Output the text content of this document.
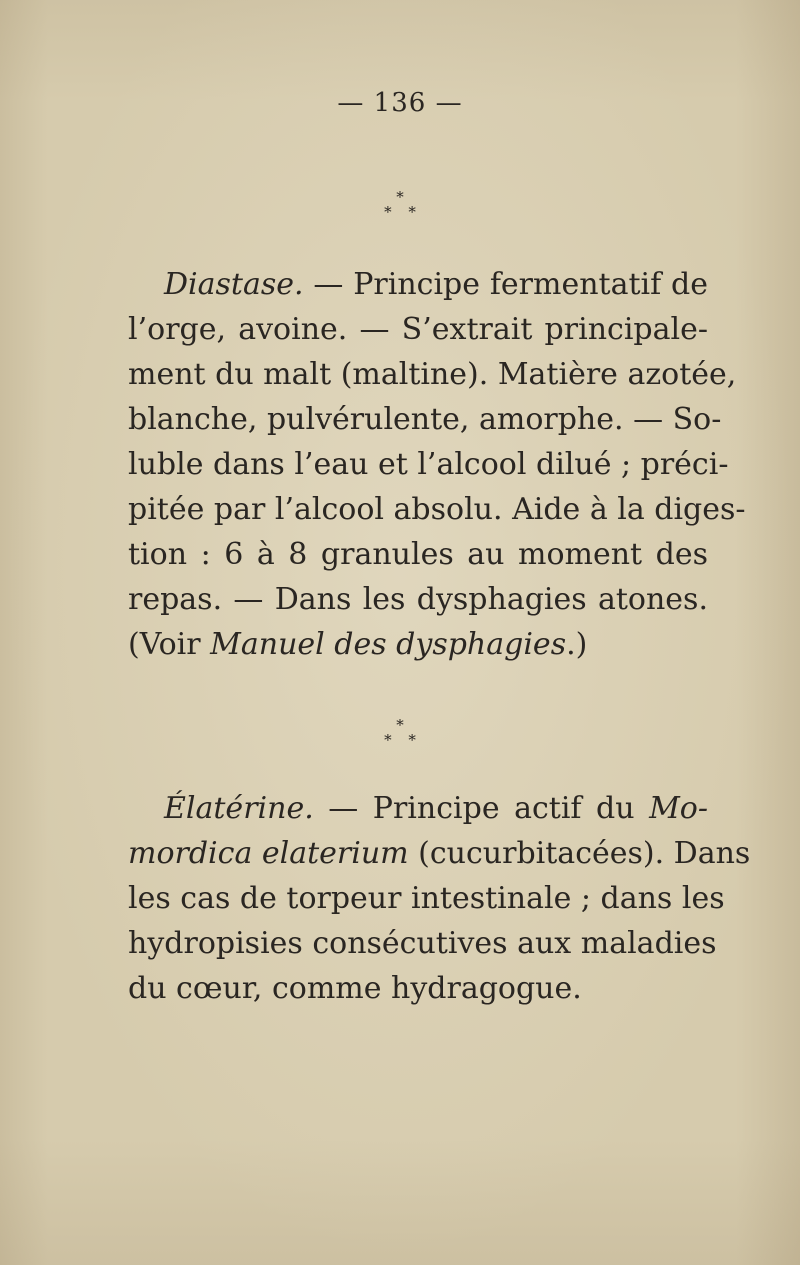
— 136 —
*
* *
Diastase. — Principe fermentatif de
l’orge, avoine. — S’extrait principale-
ment du malt (maltine). Matière azotée,
blanche, pulvérulente, amorphe. — So-
luble dans l’eau et l’alcool dilué ; préci-
pitée par l’alcool absolu. Aide à la diges-
tion : 6 à 8 granules au moment des
repas. — Dans les dysphagies atones.
(Voir Manuel des dysphagies.)
*
* *
Élatérine. — Principe actif du Mo-
mordica elaterium (cucurbitacées). Dans
les cas de torpeur intestinale ; dans les
hydropisies consécutives aux maladies
du cœur, comme hydragogue.
